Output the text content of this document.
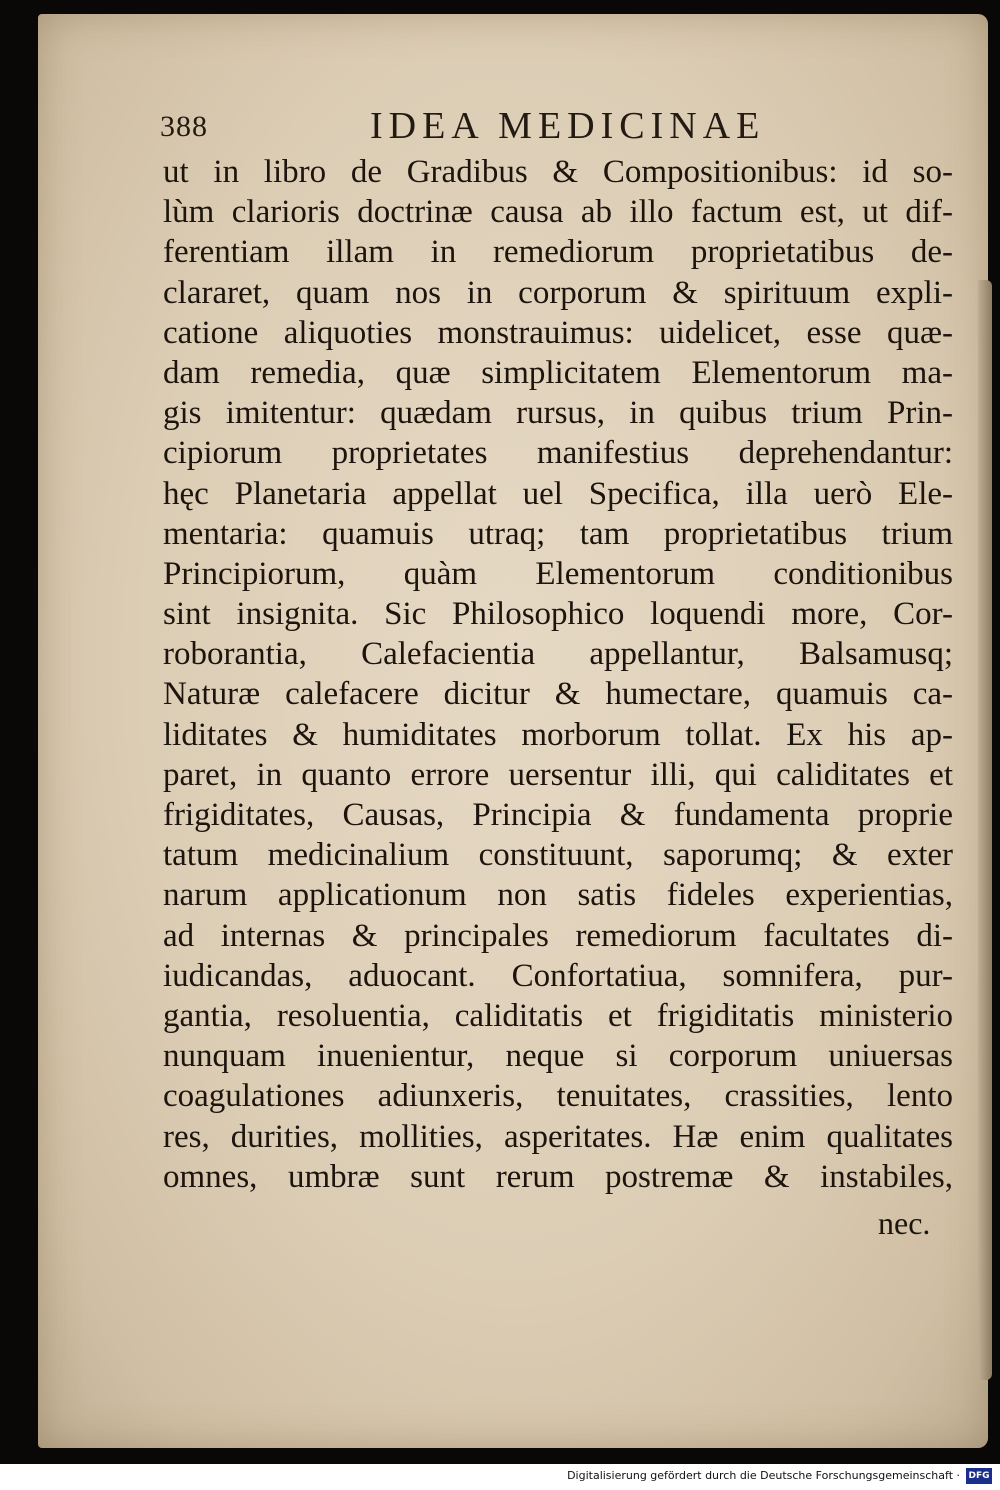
388	IDEA MEDICINAE
ut in libro de Gradibus & Compositionibus: id so-
lùm clarioris doctrinæ causa ab illo factum est, ut dif-
ferentiam illam in remediorum proprietatibus de-
clararet, quam nos in corporum & spirituum expli-
catione aliquoties monstrauimus: uidelicet, esse quæ-
dam remedia, quæ simplicitatem Elementorum ma-
gis imitentur: quædam rursus, in quibus trium Prin-
cipiorum proprietates manifestius deprehendantur:
hęc Planetaria appellat uel Specifica, illa uerò Ele-
mentaria: quamuis utraq; tam proprietatibus trium
Principiorum, quàm Elementorum conditionibus
sint insignita. Sic Philosophico loquendi more, Cor-
roborantia, Calefacientia appellantur, Balsamusq;
Naturæ calefacere dicitur & humectare, quamuis ca-
liditates & humiditates morborum tollat. Ex his ap-
paret, in quanto errore uersentur illi, qui caliditates et
frigiditates, Causas, Principia & fundamenta proprie
tatum medicinalium constituunt, saporumq; & exter
narum applicationum non satis fideles experientias,
ad internas & principales remediorum facultates di-
iudicandas, aduocant. Confortatiua, somnifera, pur-
gantia, resoluentia, caliditatis et frigiditatis ministerio
nunquam inuenientur, neque si corporum uniuersas
coagulationes adiunxeris, tenuitates, crassities, lento
res, durities, mollities, asperitates. Hæ enim qualitates
omnes, umbræ sunt rerum postremæ & instabiles,
nec.
Digitalisierung gefördert durch die Deutsche Forschungsgemeinschaft · DFG
